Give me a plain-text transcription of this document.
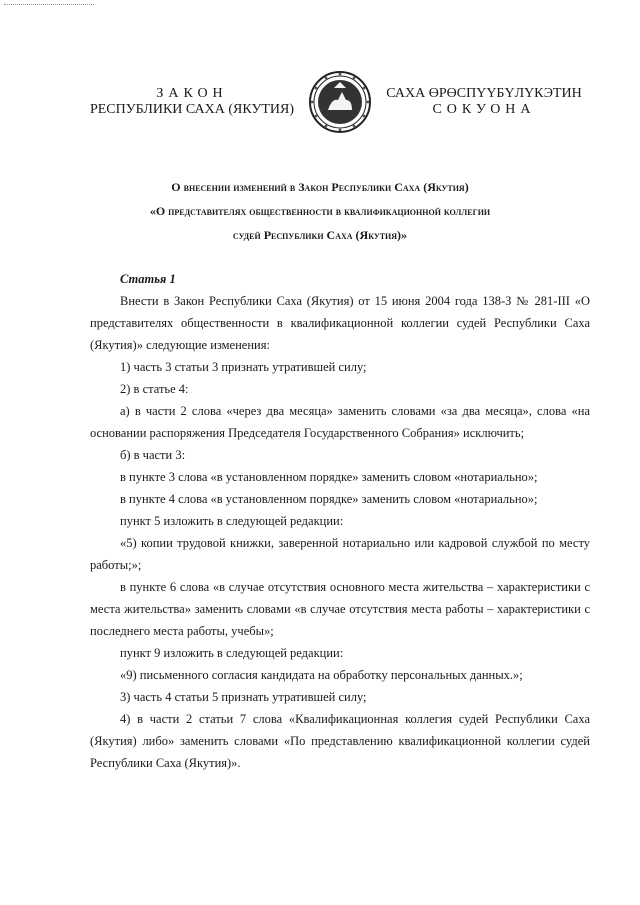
ЗАКОН
РЕСПУБЛИКИ САХА (ЯКУТИЯ)
САХА ӨРӨСПҮҮБҮЛҮКЭТИН
СОКУОНА
О внесении изменений в Закон Республики Саха (Якутия)
«О представителях общественности в квалификационной коллегии
судей Республики Саха (Якутия)»

Статья 1

Внести в Закон Республики Саха (Якутия) от 15 июня 2004 года 138-З № 281-III «О представителях общественности в квалификационной коллегии судей Республики Саха (Якутия)» следующие изменения:

1) часть 3 статьи 3 признать утратившей силу;

2) в статье 4:

а) в части 2 слова «через два месяца» заменить словами «за два месяца», слова «на основании распоряжения Председателя Государственного Собрания» исключить;

б) в части 3:

в пункте 3 слова «в установленном порядке» заменить словом «нотариально»;

в пункте 4 слова «в установленном порядке» заменить словом «нотариально»;

пункт 5 изложить в следующей редакции:

«5) копии трудовой книжки, заверенной нотариально или кадровой службой по месту работы;»;

в пункте 6 слова «в случае отсутствия основного места жительства – характеристики с места жительства» заменить словами «в случае отсутствия места работы – характеристики с последнего места работы, учебы»;

пункт 9 изложить в следующей редакции:

«9) письменного согласия кандидата на обработку персональных данных.»;

3) часть 4 статьи 5 признать утратившей силу;

4) в части 2 статьи 7 слова «Квалификационная коллегия судей Республики Саха (Якутия) либо» заменить словами «По представлению квалификационной коллегии судей Республики Саха (Якутия)».
